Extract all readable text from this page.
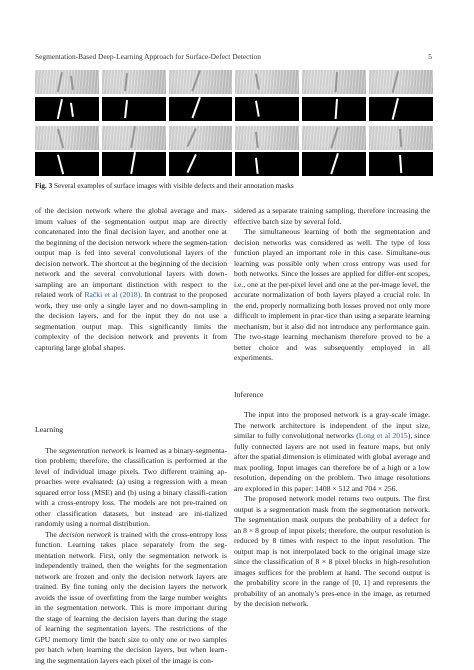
Segmentation-Based Deep-Learning Approach for Surface-Defect Detection	5
Fig. 3 Several examples of surface images with visible defects and their annotation masks

of the decision network where the global average and max-imum values of the segmentation output map are directly concatenated into the final decision layer, and another one at the beginning of the decision network where the segmen-tation output map is fed into several convolutional layers of the decision network. The shortcut at the beginning of the decision network and the several convolutional layers with down-sampling are an important distinction with respect to the related work of Rački et al (2018). In contrast to the proposed work, they use only a single layer and no down-sampling in the decision layers, and for the input they do not use a segmentation output map. This significantly limits the complexity of the decision network and prevents it from capturing large global shapes.

Learning

The segmentation network is learned as a binary-segmenta-tion problem; therefore, the classification is performed at the level of individual image pixels. Two different training ap-proaches were evaluated: (a) using a regression with a mean squared error loss (MSE) and (b) using a binary classifi-cation with a cross-entropy loss. The models are not pre-trained on other classification datasets, but instead are ini-tialized randomly using a normal distribution.

The decision network is trained with the cross-entropy loss function. Learning takes place separately from the seg-mentation network. First, only the segmentation network is independently trained, then the weights for the segmentation network are frozen and only the decision network layers are trained. By fine tuning only the decision layers the network avoids the issue of overfitting from the large number weights in the segmentation network. This is more important during the stage of learning the decision layers than during the stage of learning the segmentation layers. The restrictions of the GPU memory limit the batch size to only one or two samples per batch when learning the decision layers, but when learn-ing the segmentation layers each pixel of the image is con-

sidered as a separate training sampling, therefore increasing the effective batch size by several fold.

The simultaneous learning of both the segmentation and decision networks was considered as well. The type of loss function played an important role in this case. Simultane-ous learning was possible only when cross entropy was used for both networks. Since the losses are applied for differ-ent scopes, i.e., one at the per-pixel level and one at the per-image level, the accurate normalization of both layers played a crucial role. In the end, properly normalizing both losses proved not only more difficult to implement in prac-tice than using a separate learning mechanism, but it also did not introduce any performance gain. The two-stage learning mechanism therefore proved to be a better choice and was subsequently employed in all experiments.

Inference

The input into the proposed network is a gray-scale image. The network architecture is independent of the input size, similar to fully convolutional networks (Long et al 2015), since fully connected layers are not used in feature maps, but only after the spatial dimension is eliminated with global average and max pooling. Input images can therefore be of a high or a low resolution, depending on the problem. Two image resolutions are explored in this paper: 1408 × 512 and 704 × 256.

The proposed network model returns two outputs. The first output is a segmentation mask from the segmentation network. The segmentation mask outputs the probability of a defect for an 8 × 8 group of input pixels; therefore, the output resolution is reduced by 8 times with respect to the input resolution. The output map is not interpolated back to the original image size since the classification of 8 × 8 pixel blocks in high-resolution images suffices for the problem at hand. The second output is the probability score in the range of [0, 1] and represents the probability of an anomaly’s pres-ence in the image, as returned by the decision network.
